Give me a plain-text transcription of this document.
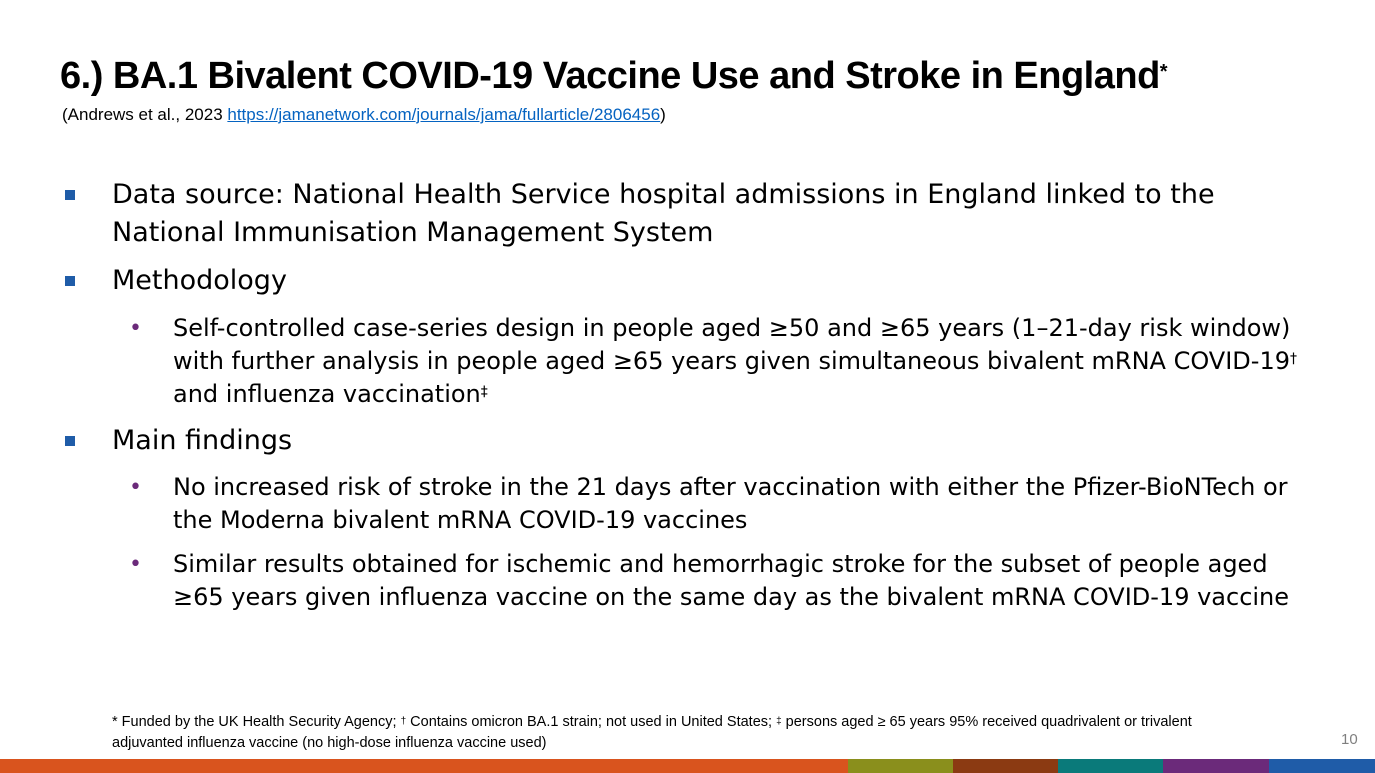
6.) BA.1 Bivalent COVID-19 Vaccine Use and Stroke in England*
(Andrews et al., 2023 https://jamanetwork.com/journals/jama/fullarticle/2806456)
Data source: National Health Service hospital admissions in England linked to the National Immunisation Management System
Methodology
• Self-controlled case-series design in people aged ≥50 and ≥65 years (1–21-day risk window) with further analysis in people aged ≥65 years given simultaneous bivalent mRNA COVID-19† and influenza vaccination‡
Main findings
• No increased risk of stroke in the 21 days after vaccination with either the Pfizer-BioNTech or the Moderna bivalent mRNA COVID-19 vaccines
• Similar results obtained for ischemic and hemorrhagic stroke for the subset of people aged ≥65 years given influenza vaccine on the same day as the bivalent mRNA COVID-19 vaccine
* Funded by the UK Health Security Agency; † Contains omicron BA.1 strain; not used in United States; ‡ persons aged ≥ 65 years 95% received quadrivalent or trivalent adjuvanted influenza vaccine (no high-dose influenza vaccine used)	10
